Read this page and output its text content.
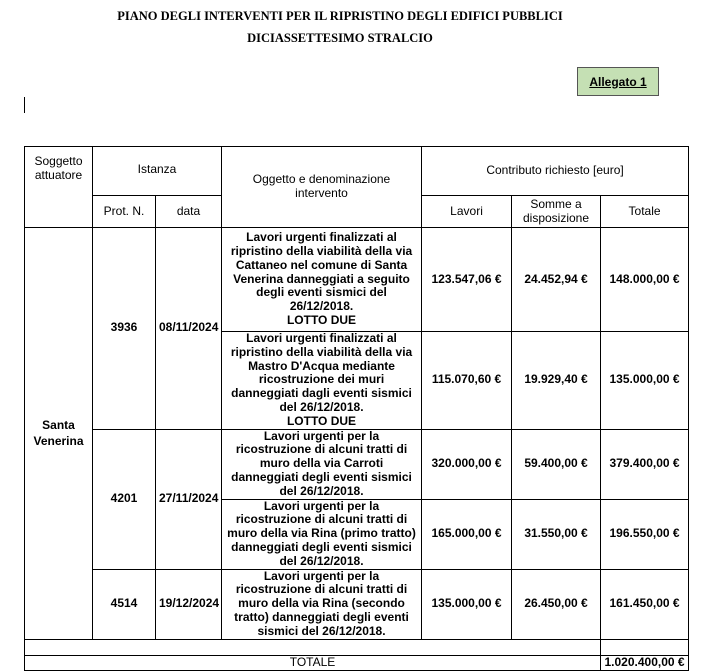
PIANO DEGLI INTERVENTI PER IL RIPRISTINO DEGLI EDIFICI PUBBLICI
DICIASSETTESIMO STRALCIO
Allegato 1
Soggetto attuatore	Istanza		Oggetto e denominazione intervento	Contributo richiesto [euro]		
	Prot. N.	data		Lavori	Somme a disposizione	Totale
Santa Venerina	3936	08/11/2024	Lavori urgenti finalizzati al ripristino della viabilità della via Cattaneo nel comune di Santa Venerina danneggiati a seguito degli eventi sismici del 26/12/2018.
LOTTO DUE	123.547,06 €	24.452,94 €	148.000,00 €
			Lavori urgenti finalizzati al ripristino della viabilità della via Mastro D'Acqua mediante ricostruzione dei muri danneggiati dagli eventi sismici del 26/12/2018.
LOTTO DUE	115.070,60 €	19.929,40 €	135.000,00 €
	4201	27/11/2024	Lavori urgenti per la ricostruzione di alcuni tratti di muro della via Carroti danneggiati degli eventi sismici del 26/12/2018.	320.000,00 €	59.400,00 €	379.400,00 €
			Lavori urgenti per la ricostruzione di alcuni tratti di muro della via Rina (primo tratto) danneggiati degli eventi sismici del 26/12/2018.	165.000,00 €	31.550,00 €	196.550,00 €
	4514	19/12/2024	Lavori urgenti per la ricostruzione di alcuni tratti di muro della via Rina (secondo tratto) danneggiati degli eventi sismici del 26/12/2018.	135.000,00 €	26.450,00 €	161.450,00 €

TOTALE						1.020.400,00 €
